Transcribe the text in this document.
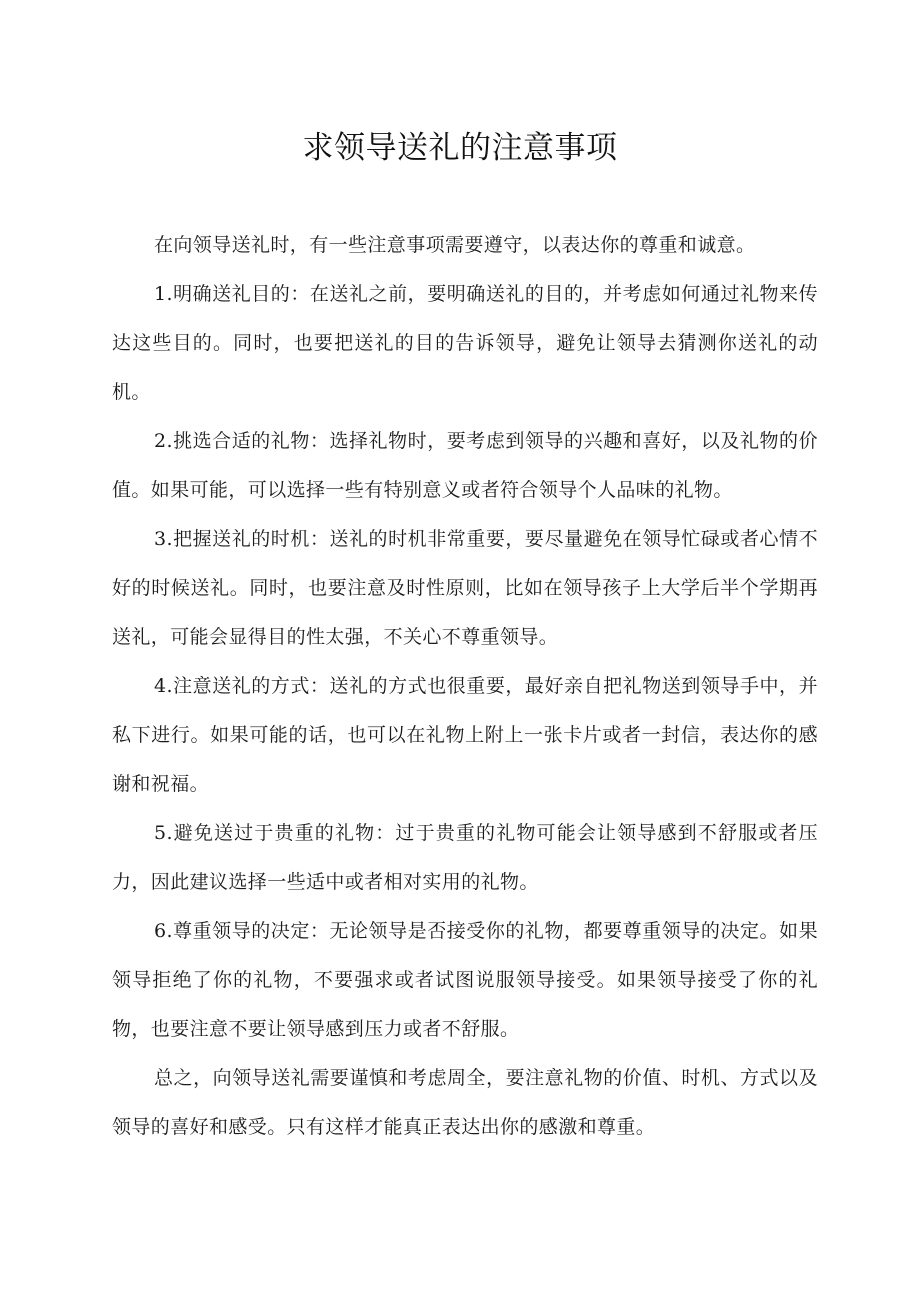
求领导送礼的注意事项

在向领导送礼时，有一些注意事项需要遵守，以表达你的尊重和诚意。

1.明确送礼目的：在送礼之前，要明确送礼的目的，并考虑如何通过礼物来传达这些目的。同时，也要把送礼的目的告诉领导，避免让领导去猜测你送礼的动机。

2.挑选合适的礼物：选择礼物时，要考虑到领导的兴趣和喜好，以及礼物的价值。如果可能，可以选择一些有特别意义或者符合领导个人品味的礼物。

3.把握送礼的时机：送礼的时机非常重要，要尽量避免在领导忙碌或者心情不好的时候送礼。同时，也要注意及时性原则，比如在领导孩子上大学后半个学期再送礼，可能会显得目的性太强，不关心不尊重领导。

4.注意送礼的方式：送礼的方式也很重要，最好亲自把礼物送到领导手中，并私下进行。如果可能的话，也可以在礼物上附上一张卡片或者一封信，表达你的感谢和祝福。

5.避免送过于贵重的礼物：过于贵重的礼物可能会让领导感到不舒服或者压力，因此建议选择一些适中或者相对实用的礼物。

6.尊重领导的决定：无论领导是否接受你的礼物，都要尊重领导的决定。如果领导拒绝了你的礼物，不要强求或者试图说服领导接受。如果领导接受了你的礼物，也要注意不要让领导感到压力或者不舒服。

总之，向领导送礼需要谨慎和考虑周全，要注意礼物的价值、时机、方式以及领导的喜好和感受。只有这样才能真正表达出你的感激和尊重。
